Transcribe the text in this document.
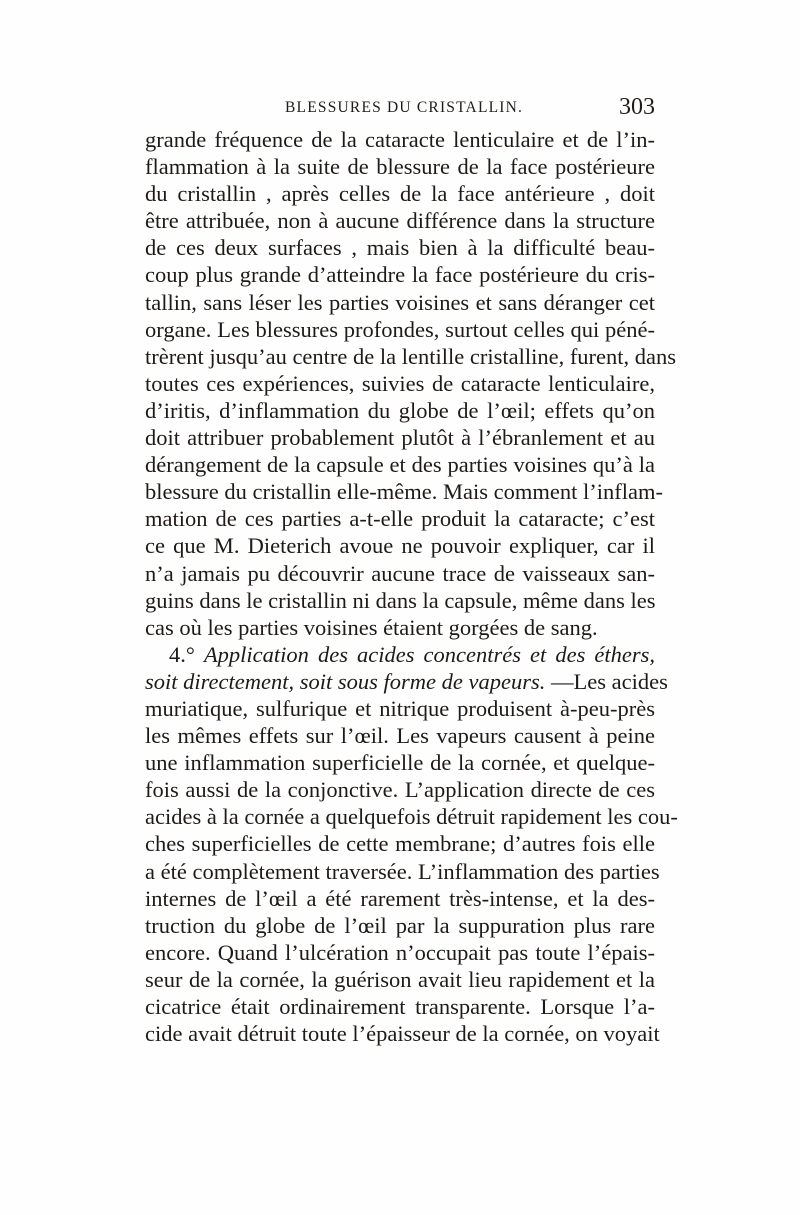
BLESSURES DU CRISTALLIN.	303
grande fréquence de la cataracte lenticulaire et de l’in-
flammation à la suite de blessure de la face postérieure
du cristallin , après celles de la face antérieure , doit
être attribuée, non à aucune différence dans la structure
de ces deux surfaces , mais bien à la difficulté beau-
coup plus grande d’atteindre la face postérieure du cris-
tallin, sans léser les parties voisines et sans déranger cet
organe. Les blessures profondes, surtout celles qui péné-
trèrent jusqu’au centre de la lentille cristalline, furent, dans
toutes ces expériences, suivies de cataracte lenticulaire,
d’iritis, d’inflammation du globe de l’œil; effets qu’on
doit attribuer probablement plutôt à l’ébranlement et au
dérangement de la capsule et des parties voisines qu’à la
blessure du cristallin elle-même. Mais comment l’inflam-
mation de ces parties a-t-elle produit la cataracte; c’est
ce que M. Dieterich avoue ne pouvoir expliquer, car il
n’a jamais pu découvrir aucune trace de vaisseaux san-
guins dans le cristallin ni dans la capsule, même dans les
cas où les parties voisines étaient gorgées de sang.
4.° Application des acides concentrés et des éthers,
soit directement, soit sous forme de vapeurs. —Les acides
muriatique, sulfurique et nitrique produisent à-peu-près
les mêmes effets sur l’œil. Les vapeurs causent à peine
une inflammation superficielle de la cornée, et quelque-
fois aussi de la conjonctive. L’application directe de ces
acides à la cornée a quelquefois détruit rapidement les cou-
ches superficielles de cette membrane; d’autres fois elle
a été complètement traversée. L’inflammation des parties
internes de l’œil a été rarement très-intense, et la des-
truction du globe de l’œil par la suppuration plus rare
encore. Quand l’ulcération n’occupait pas toute l’épais-
seur de la cornée, la guérison avait lieu rapidement et la
cicatrice était ordinairement transparente. Lorsque l’a-
cide avait détruit toute l’épaisseur de la cornée, on voyait
